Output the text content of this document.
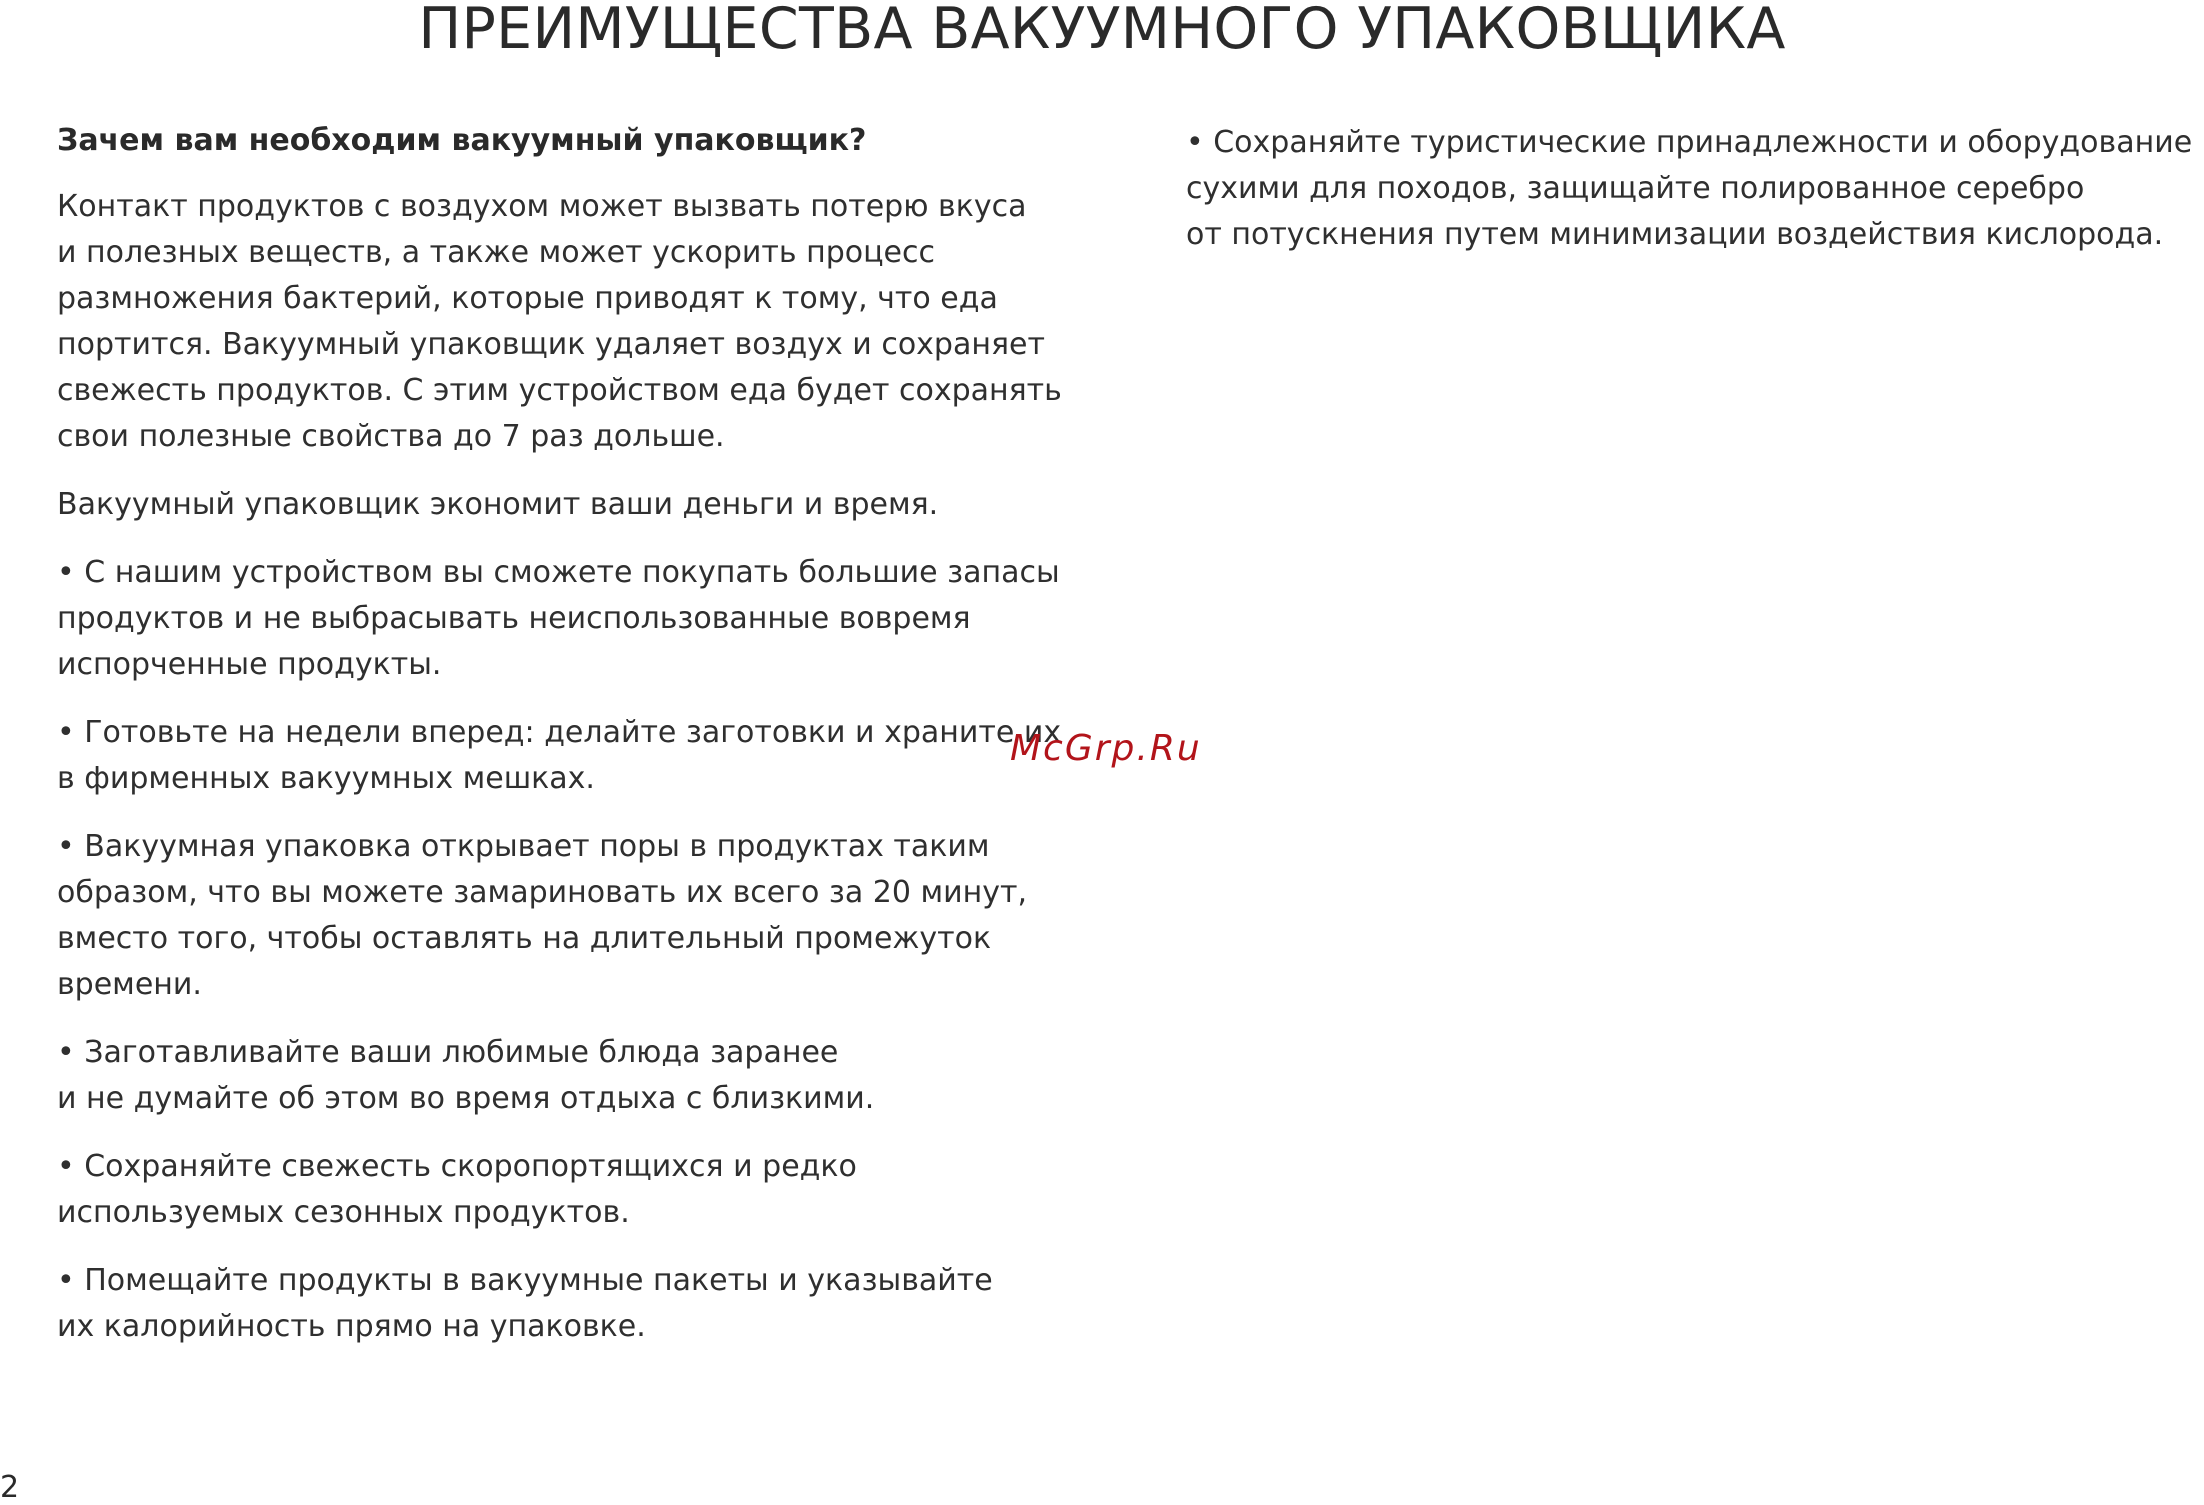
ПРЕИМУЩЕСТВА ВАКУУМНОГО УПАКОВЩИКА
Зачем вам необходим вакуумный упаковщик?

Контакт продуктов с воздухом может вызвать потерю вкуса
и полезных веществ, а также может ускорить процесс
размножения бактерий, которые приводят к тому, что еда
портится. Вакуумный упаковщик удаляет воздух и сохраняет
свежесть продуктов. С этим устройством еда будет сохранять
свои полезные свойства до 7 раз дольше.

Вакуумный упаковщик экономит ваши деньги и время.

• С нашим устройством вы сможете покупать большие запасы
продуктов и не выбрасывать неиспользованные вовремя
испорченные продукты.

• Готовьте на недели вперед: делайте заготовки и храните их
в фирменных вакуумных мешках.

• Вакуумная упаковка открывает поры в продуктах таким
образом, что вы можете замариновать их всего за 20 минут,
вместо того, чтобы оставлять на длительный промежуток
времени.

• Заготавливайте ваши любимые блюда заранее
и не думайте об этом во время отдыха с близкими.

• Сохраняйте свежесть скоропортящихся и редко
используемых сезонных продуктов.

• Помещайте продукты в вакуумные пакеты и указывайте
их калорийность прямо на упаковке.

• Сохраняйте туристические принадлежности и оборудование
сухими для походов, защищайте полированное серебро
от потускнения путем минимизации воздействия кислорода.

McGrp.Ru
2
